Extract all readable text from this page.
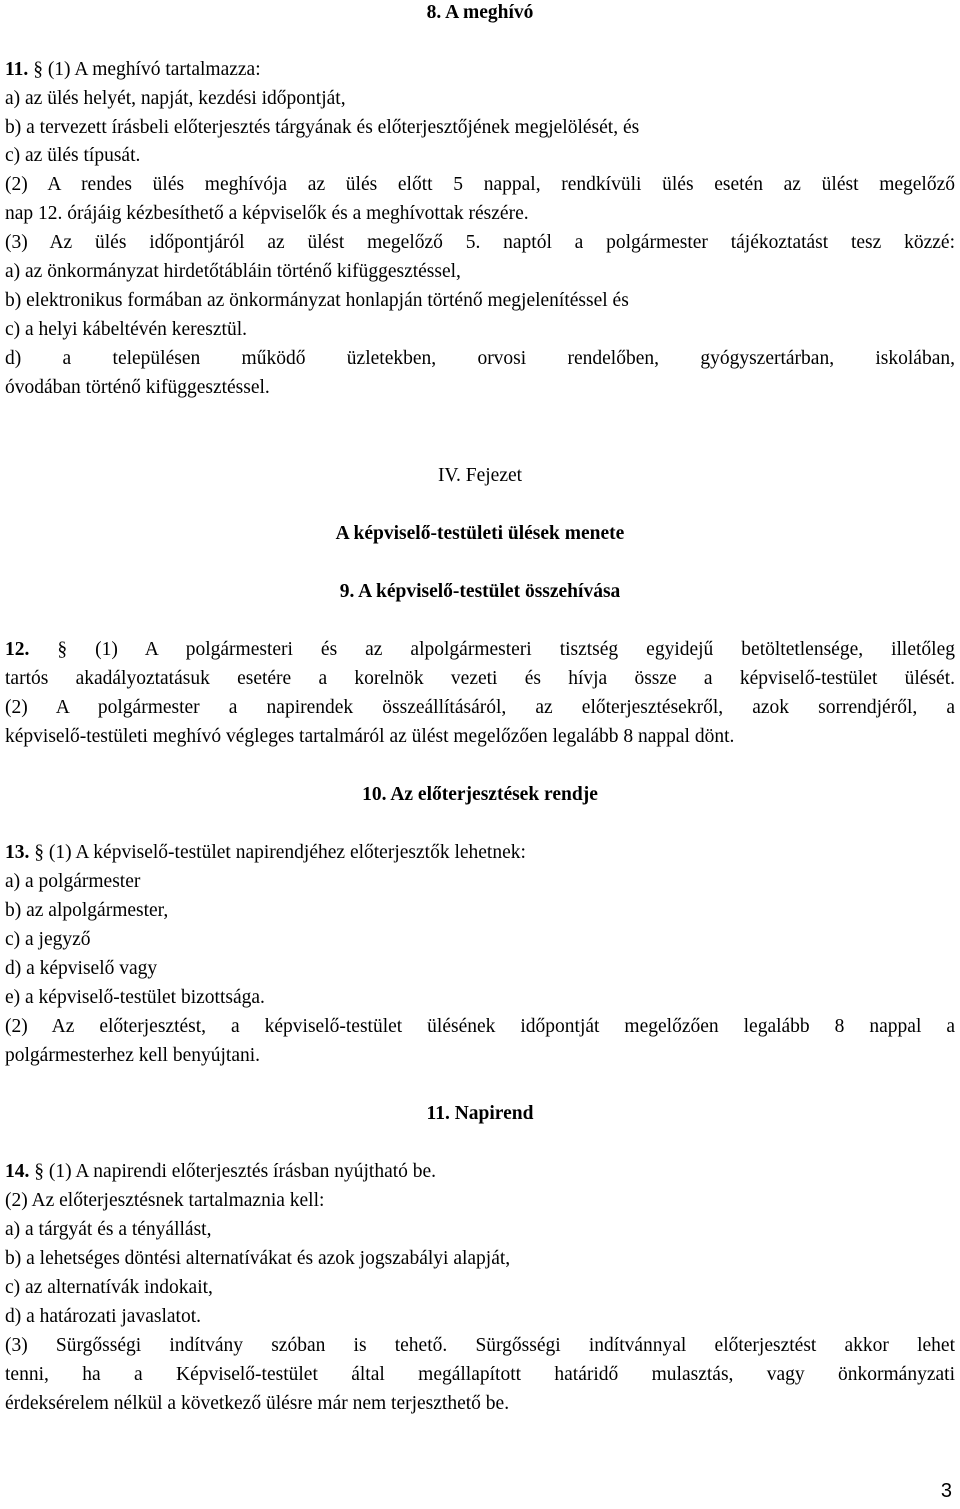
8. A meghívó
11. § (1) A meghívó tartalmazza:
a) az ülés helyét, napját, kezdési időpontját,
b) a tervezett írásbeli előterjesztés tárgyának és előterjesztőjének megjelölését, és
c) az ülés típusát.
(2) A rendes ülés meghívója az ülés előtt 5 nappal, rendkívüli ülés esetén az ülést megelőző
nap 12. órájáig kézbesíthető a képviselők és a meghívottak részére.
(3) Az ülés időpontjáról az ülést megelőző 5. naptól a polgármester tájékoztatást tesz közzé:
a) az önkormányzat hirdetőtábláin történő kifüggesztéssel,
b) elektronikus formában az önkormányzat honlapján történő megjelenítéssel és
c) a helyi kábeltévén keresztül.
d) a településen működő üzletekben, orvosi rendelőben, gyógyszertárban, iskolában,
óvodában történő kifüggesztéssel.
IV. Fejezet
A képviselő-testületi ülések menete
9. A képviselő-testület összehívása
12. § (1) A polgármesteri és az alpolgármesteri tisztség egyidejű betöltetlensége, illetőleg
tartós akadályoztatásuk esetére a korelnök vezeti és hívja össze a képviselő-testület ülését.
(2) A polgármester a napirendek összeállításáról, az előterjesztésekről, azok sorrendjéről, a
képviselő-testületi meghívó végleges tartalmáról az ülést megelőzően legalább 8 nappal dönt.
10. Az előterjesztések rendje
13. § (1) A képviselő-testület napirendjéhez előterjesztők lehetnek:
a) a polgármester
b) az alpolgármester,
c) a jegyző
d) a képviselő vagy
e) a képviselő-testület bizottsága.
(2) Az előterjesztést, a képviselő-testület ülésének időpontját megelőzően legalább 8 nappal a
polgármesterhez kell benyújtani.
11. Napirend
14. § (1) A napirendi előterjesztés írásban nyújtható be.
(2) Az előterjesztésnek tartalmaznia kell:
a) a tárgyát és a tényállást,
b) a lehetséges döntési alternatívákat és azok jogszabályi alapját,
c) az alternatívák indokait,
d) a határozati javaslatot.
(3) Sürgősségi indítvány szóban is tehető. Sürgősségi indítvánnyal előterjesztést akkor lehet
tenni, ha a Képviselő-testület által megállapított határidő mulasztás, vagy önkormányzati
érdeksérelem nélkül a következő ülésre már nem terjeszthető be.
3
